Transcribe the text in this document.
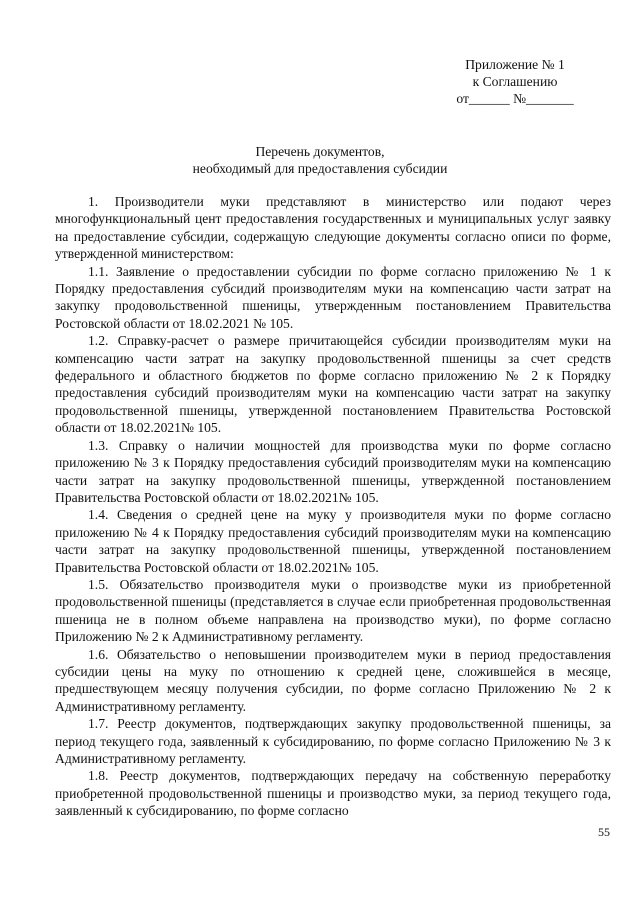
Приложение № 1
к Соглашению
от______ №_______
Перечень документов,
необходимый для предоставления субсидии

1. Производители муки представляют в министерство или подают через многофункциональный цент предоставления государственных и муниципальных услуг заявку на предоставление субсидии, содержащую следующие документы согласно описи по форме, утвержденной министерством:

1.1. Заявление о предоставлении субсидии по форме согласно приложению № 1 к Порядку предоставления субсидий производителям муки на компенсацию части затрат на закупку продовольственной пшеницы, утвержденным постановлением Правительства Ростовской области от 18.02.2021 № 105.

1.2. Справку-расчет о размере причитающейся субсидии производителям муки на компенсацию части затрат на закупку продовольственной пшеницы за счет средств федерального и областного бюджетов по форме согласно приложению № 2 к Порядку предоставления субсидий производителям муки на компенсацию части затрат на закупку продовольственной пшеницы, утвержденной постановлением Правительства Ростовской области от 18.02.2021№ 105.

1.3. Справку о наличии мощностей для производства муки по форме согласно приложению № 3 к Порядку предоставления субсидий производителям муки на компенсацию части затрат на закупку продовольственной пшеницы, утвержденной постановлением Правительства Ростовской области от 18.02.2021№ 105.

1.4. Сведения о средней цене на муку у производителя муки по форме согласно приложению № 4 к Порядку предоставления субсидий производителям муки на компенсацию части затрат на закупку продовольственной пшеницы, утвержденной постановлением Правительства Ростовской области от 18.02.2021№ 105.

1.5. Обязательство производителя муки о производстве муки из приобретенной продовольственной пшеницы (представляется в случае если приобретенная продовольственная пшеница не в полном объеме направлена на производство муки), по форме согласно Приложению № 2 к Административному регламенту.

1.6. Обязательство о неповышении производителем муки в период предоставления субсидии цены на муку по отношению к средней цене, сложившейся в месяце, предшествующем месяцу получения субсидии, по форме согласно Приложению № 2 к Административному регламенту.

1.7. Реестр документов, подтверждающих закупку продовольственной пшеницы, за период текущего года, заявленный к субсидированию, по форме согласно Приложению № 3 к Административному регламенту.

1.8. Реестр документов, подтверждающих передачу на собственную переработку приобретенной продовольственной пшеницы и производство муки, за период текущего года, заявленный к субсидированию, по форме согласно

55
